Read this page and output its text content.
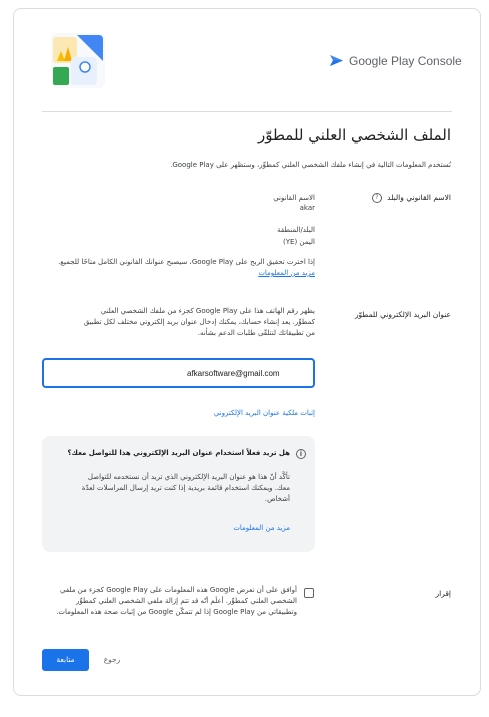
Google Play Console
الملف الشخصي العلني للمطوّر
نُستخدم المعلومات التالية في إنشاء ملفك الشخصي العلني كمطوِّر، وستظهر على Google Play.
الاسم القانوني والبلد ?
الاسم القانوني
akar
البلد/المنطقة
اليمن (YE)
إذا اخترت تحقيق الربح على Google Play، سيصبح عنوانك القانوني الكامل متاحًا للجميع.
مزيد من المعلومات
عنوان البريد الإلكتروني للمطوّر
يظهر رقم الهاتف هذا على Google Play كجزء من ملفك الشخصي العلني كمطوِّر. يعد إنشاء حسابك، يمكنك إدخال عنوان بريد إلكتروني مختلف لكل تطبيق من تطبيقاتك لتتلقّى طلبات الدعم بشأنه.
afkarsoftware@gmail.com
إثبات ملكية عنوان البريد الإلكتروني
i
هل تريد فعلاً استخدام عنوان البريد الإلكتروني هذا للتواصل معك؟
تأكَّد أنّ هذا هو عنوان البريد الإلكتروني الذي تريد أن نستخدمه للتواصل معك. ويمكنك استخدام قائمة بريدية إذا كنت تريد إرسال المراسلات لعدّة أشخاص.
مزيد من المعلومات
إقرار
أوافق على أن تعرض Google هذه المعلومات على Google Play كجزء من ملفي الشخصي العلني كمطوِّر. أعلَم أنّه قد تتم إزالة ملفي الشخصي العلني كمطوِّر وتطبيقاتي من Google Play إذا لم تتمكّن Google من إثبات صحة هذه المعلومات.
متابعة	رجوع
